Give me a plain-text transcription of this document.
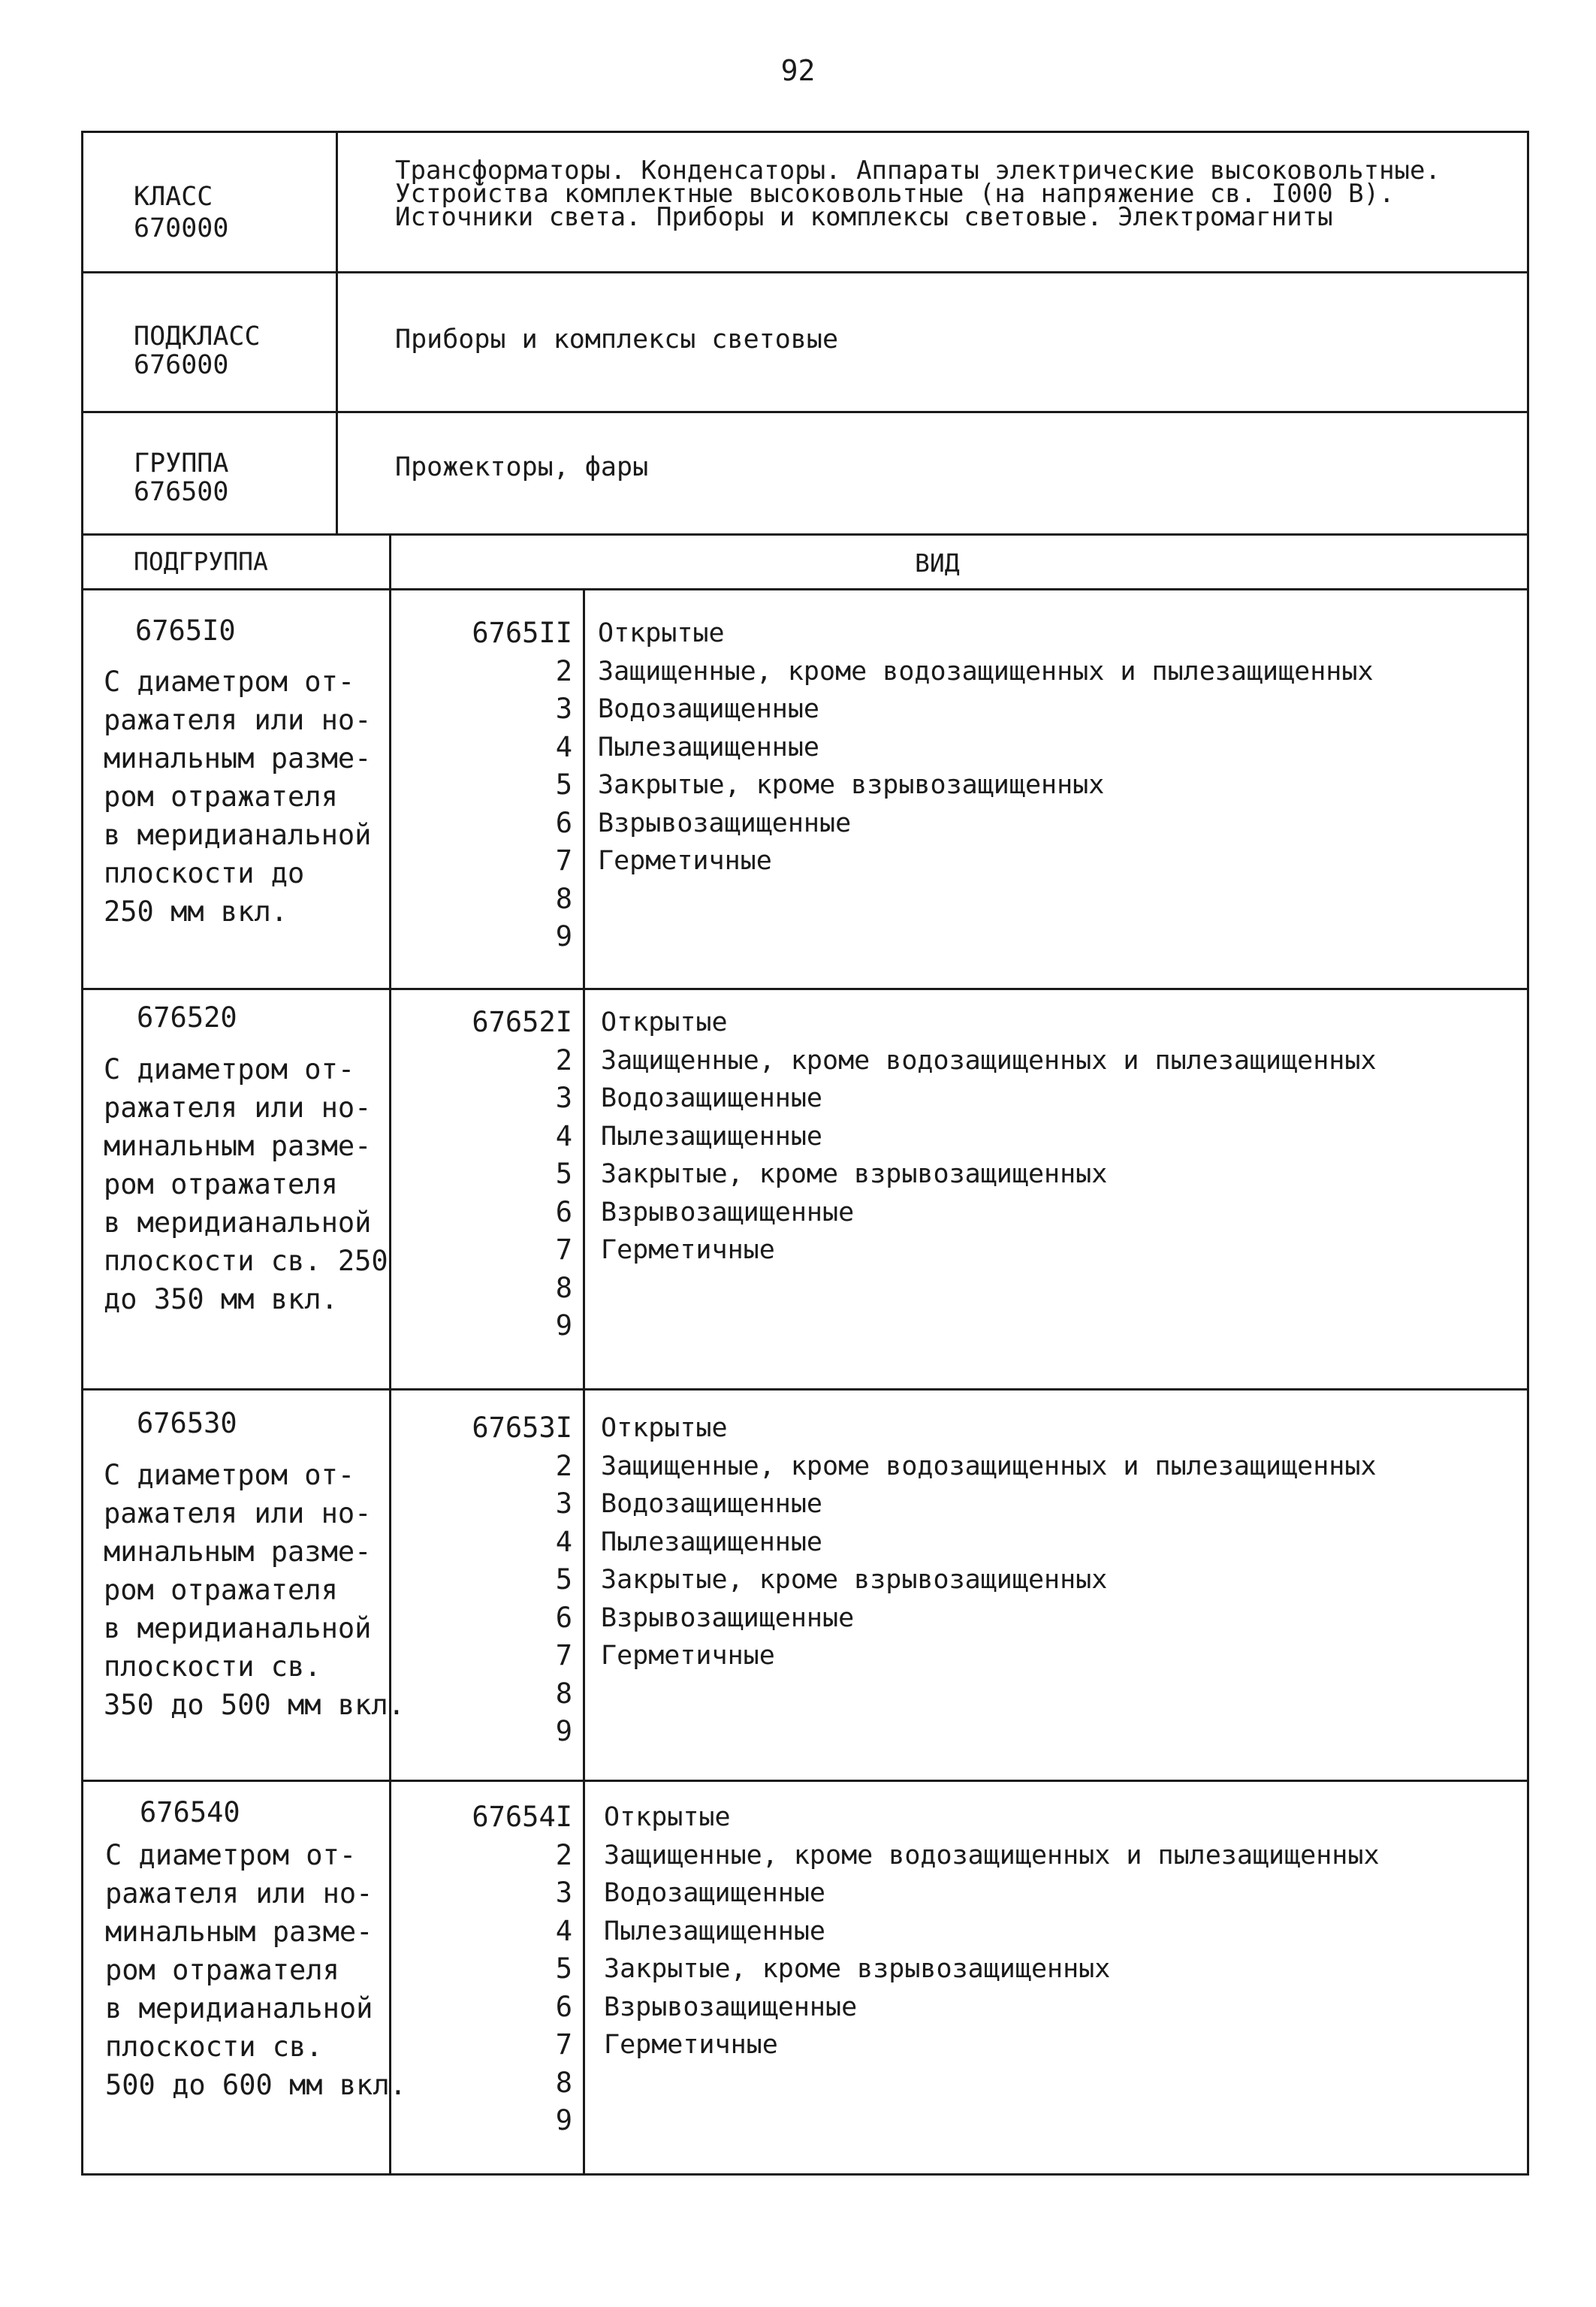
92
КЛАСС
670000
Трансформаторы. Конденсаторы. Аппараты электрические высоковольтные.
Устройства комплектные высоковольтные (на напряжение св. I000 В).
Источники света. Приборы и комплексы световые. Электромагниты
ПОДКЛАСС
676000
Приборы и комплексы световые
ГРУППА
676500
Прожекторы, фары
ПОДГРУППА	ВИД
6765I0
С диаметром от-
ражателя или но-
минальным разме-
ром отражателя
в меридианальной
плоскости до
250 мм вкл.
6765II
2
3
4
5
6
7
8
9
Открытые
Защищенные, кроме водозащищенных и пылезащищенных
Водозащищенные
Пылезащищенные
Закрытые, кроме взрывозащищенных
Взрывозащищенные
Герметичные
676520
С диаметром от-
ражателя или но-
минальным разме-
ром отражателя
в меридианальной
плоскости св. 250
до 350 мм вкл.
67652I
2
3
4
5
6
7
8
9
Открытые
Защищенные, кроме водозащищенных и пылезащищенных
Водозащищенные
Пылезащищенные
Закрытые, кроме взрывозащищенных
Взрывозащищенные
Герметичные
676530
С диаметром от-
ражателя или но-
минальным разме-
ром отражателя
в меридианальной
плоскости св.
350 до 500 мм вкл.
67653I
2
3
4
5
6
7
8
9
Открытые
Защищенные, кроме водозащищенных и пылезащищенных
Водозащищенные
Пылезащищенные
Закрытые, кроме взрывозащищенных
Взрывозащищенные
Герметичные
676540
С диаметром от-
ражателя или но-
минальным разме-
ром отражателя
в меридианальной
плоскости св.
500 до 600 мм вкл.
67654I
2
3
4
5
6
7
8
9
Открытые
Защищенные, кроме водозащищенных и пылезащищенных
Водозащищенные
Пылезащищенные
Закрытые, кроме взрывозащищенных
Взрывозащищенные
Герметичные
